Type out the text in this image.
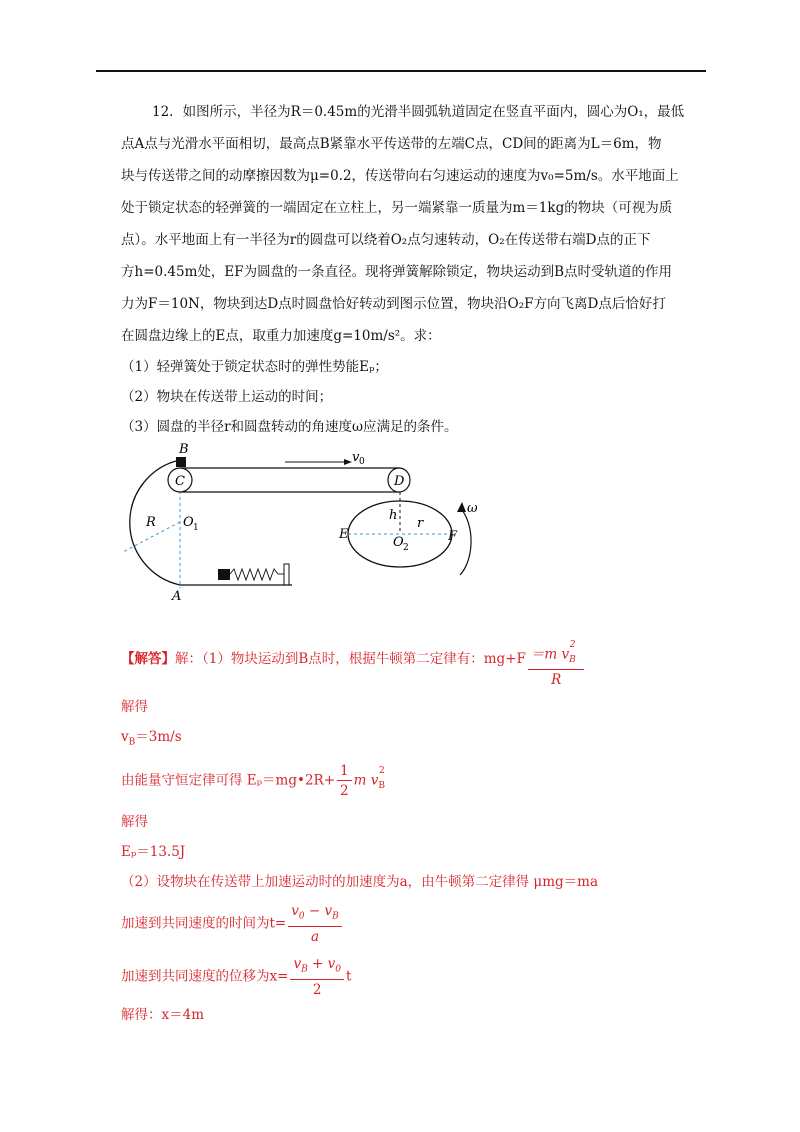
12．如图所示，半径为R＝0.45m的光滑半圆弧轨道固定在竖直平面内，圆心为O₁，最低
点A点与光滑水平面相切，最高点B紧靠水平传送带的左端C点，CD间的距离为L＝6m，物
块与传送带之间的动摩擦因数为μ=0.2，传送带向右匀速运动的速度为v₀=5m/s。水平地面上
处于锁定状态的轻弹簧的一端固定在立柱上，另一端紧靠一质量为m＝1kg的物块（可视为质
点）。水平地面上有一半径为r的圆盘可以绕着O₂点匀速转动，O₂在传送带右端D点的正下
方h=0.45m处，EF为圆盘的一条直径。现将弹簧解除锁定，物块运动到B点时受轨道的作用
力为F＝10N，物块到达D点时圆盘恰好转动到图示位置，物块沿O₂F方向飞离D点后恰好打
在圆盘边缘上的E点，取重力加速度g=10m/s²。求：
（1）轻弹簧处于锁定状态时的弹性势能Eₚ；
（2）物块在传送带上运动的时间；
（3）圆盘的半径r和圆盘转动的角速度ω应满足的条件。
B
C	D
R O 1
A
E	F
O 2
h
r
v 0
ω
【解答】解：（1）物块运动到B点时，根据牛顿第二定律有：$mg+F \frac{=m v_B^2}{R}$
解得
$v_B=3m/s$
由能量守恒定律可得 Eₚ＝mg•2R+ $\frac{1}{2}$ m $v_B^2$
解得
Eₚ＝13.5J
（2）设物块在传送带上加速运动时的加速度为a，由牛顿第二定律得 μmg＝ma
加速到共同速度的时间为$t= \frac{v_0 - v_B}{a}$
加速到共同速度的位移为$x= \frac{v_B + v_0}{2}$ t
解得：x＝4m
